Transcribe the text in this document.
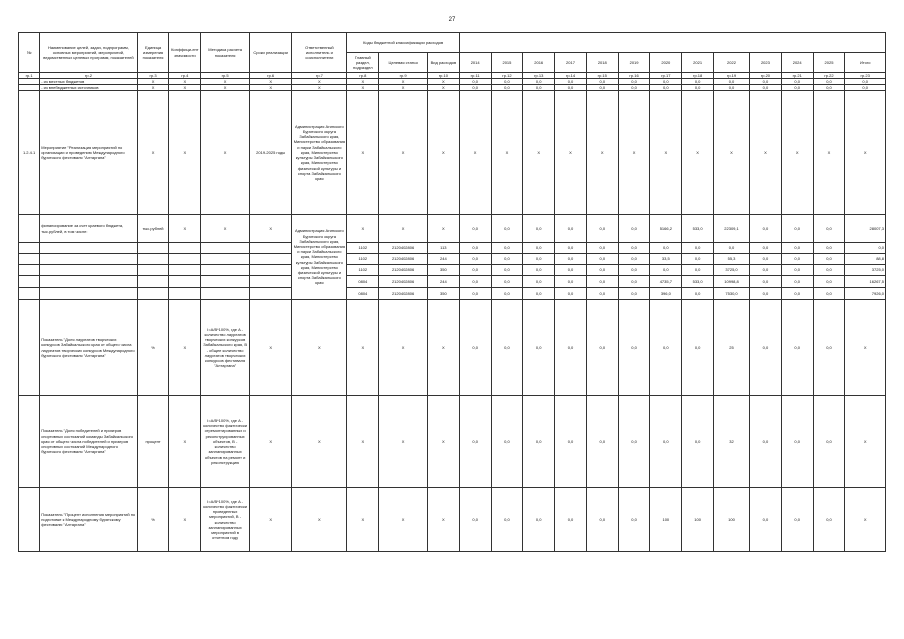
27
№	Наименование целей, задач, подпрограмм, основных мероприятий, мероприятий, ведомственных целевых программ, показателей	Единица измерения показателя	Коэффици-ент значимости	Методика расчета показателя	Сроки реализации	Ответственный исполнитель и соисполнители	Коды бюджетной классификации расходов															
							Главный раздел, подраздел	Целевая статья	Вид расходов	2014	2015	2016	2017	2018	2019	2020	2021	2022	2023	2024	2025	Итого
гр.1	гр.2	гр.3	гр.4	гр.5	гр.6	гр.7	гр.8	гр.9	гр.10	гр.11	гр.12	гр.13	гр.14	гр.15	гр.16	гр.17	гр.18	гр.19	гр.20	гр.21	гр.22	гр.23
	- из местных бюджетов	X	X	X	X	X	X	X	X	0,0	0,0	0,0	0,0	0,0	0,0	0,0	0,0	0,0	0,0	0,0	0,0	0,0
	- из внебюджетных источников	X	X	X	X	X	X	X	X	0,0	0,0	0,0	0,0	0,0	0,0	0,0	0,0	0,0	0,0	0,0	0,0	0,0
1.2.4.1	Мероприятие "Реализация мероприятий по организации и проведению Международного бурятского фестиваля "Алтаргана"	X	X	X	2019-2025 годы	Администрация Агинского Бурятского округа Забайкальского края, Министерство образования и науки Забайкальского края, Министерство культуры Забайкальского края, Министерство физической культуры и спорта Забайкальского края	X	X	X	X	X	X	X	X	X	X	X	X	X	X	X	X
	финансирование за счет краевого бюджета, тыс.рублей, в том числе:	тыс.рублей	X	X	X	Администрация Агинского Бурятского округа Забайкальского края, Министерство образования и науки Забайкальского края, Министерство культуры Забайкальского края, Министерство физической культуры и спорта Забайкальского края	X	X	X	0,0	0,0	0,0	0,0	0,0	0,0	5166,2	533,0	22309,1	0,0	0,0	0,0	28007,3
							1102	2120402806	113	0,0	0,0	0,0	0,0	0,0	0,0	0,0	0,0	0,0	0,0	0,0	0,0	0,0
							1102	2120402806	244	0,0	0,0	0,0	0,0	0,0	0,0	33,5	0,0	55,3	0,0	0,0	0,0	88,8
							1102	2120402806	350	0,0	0,0	0,0	0,0	0,0	0,0	0,0	0,0	3725,0	0,0	0,0	0,0	3725,0
							0804	2120402806	244	0,0	0,0	0,0	0,0	0,0	0,0	4735,7	533,0	10998,8	0,0	0,0	0,0	16267,5
							0804	2120402806	350	0,0	0,0	0,0	0,0	0,0	0,0	396,0	0,0	7530,0	0,0	0,0	0,0	7926,0
	Показатель "Доля лауреатов творческих конкурсов Забайкальского края от общего числа лауреатов творческих конкурсов Международного бурятского фестиваля "Алтаргана"	%	X	I=A/B*100%, где A - количество лауреатов творческих конкурсов Забайкальского края, B - общее количество лауреатов творческих конкурсов фестиваля "Алтаргана"	X	X	X	X	X	0,0	0,0	0,0	0,0	0,0	0,0	0,0	0,0	25	0,0	0,0	0,0	X
	Показатель "Доля победителей и призеров спортивных состязаний команды Забайкальского края от общего числа победителей и призеров спортивных состязаний Международного бурятского фестиваля "Алтаргана"	процент	X	I=A/B*100%, где A - количество фактически отремонтированных и реконструированных объектов, B - количество запланированных объектов на ремонт и реконструкцию	X	X	X	X	X	0,0	0,0	0,0	0,0	0,0	0,0	0,0	0,0	32	0,0	0,0	0,0	X
	Показатель "Процент исполнения мероприятий по подготовке к Международному бурятскому фестивалю "Алтаргана"	%	X	I=A/B*100%, где A - количество фактически проведенных мероприятий, B - количество запланированных мероприятий в отчетном году	X	X	X	X	X	0,0	0,0	0,0	0,0	0,0	0,0	100	100	100	0,0	0,0	0,0	X
